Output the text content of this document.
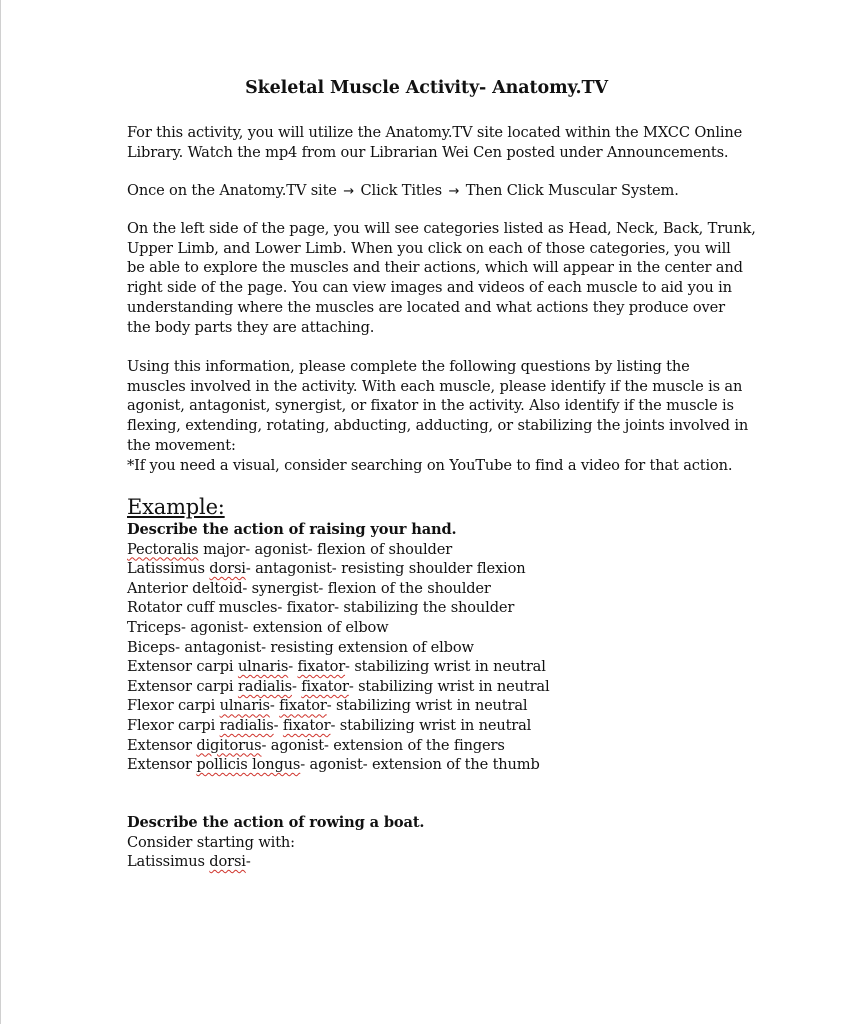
Skeletal Muscle Activity- Anatomy.TV
For this activity, you will utilize the Anatomy.TV site located within the MXCC Online
Library. Watch the mp4 from our Librarian Wei Cen posted under Announcements.
Once on the Anatomy.TV site → Click Titles → Then Click Muscular System.
On the left side of the page, you will see categories listed as Head, Neck, Back, Trunk,
Upper Limb, and Lower Limb. When you click on each of those categories, you will
be able to explore the muscles and their actions, which will appear in the center and
right side of the page. You can view images and videos of each muscle to aid you in
understanding where the muscles are located and what actions they produce over
the body parts they are attaching.
Using this information, please complete the following questions by listing the
muscles involved in the activity. With each muscle, please identify if the muscle is an
agonist, antagonist, synergist, or fixator in the activity. Also identify if the muscle is
flexing, extending, rotating, abducting, adducting, or stabilizing the joints involved in
the movement:
*If you need a visual, consider searching on YouTube to find a video for that action.
Example:
Describe the action of raising your hand.
Pectoralis major- agonist- flexion of shoulder
Latissimus dorsi- antagonist- resisting shoulder flexion
Anterior deltoid- synergist- flexion of the shoulder
Rotator cuff muscles- fixator- stabilizing the shoulder
Triceps- agonist- extension of elbow
Biceps- antagonist- resisting extension of elbow
Extensor carpi ulnaris- fixator- stabilizing wrist in neutral
Extensor carpi radialis- fixator- stabilizing wrist in neutral
Flexor carpi ulnaris- fixator- stabilizing wrist in neutral
Flexor carpi radialis- fixator- stabilizing wrist in neutral
Extensor digitorus- agonist- extension of the fingers
Extensor pollicis longus- agonist- extension of the thumb
Describe the action of rowing a boat.
Consider starting with:
Latissimus dorsi-
